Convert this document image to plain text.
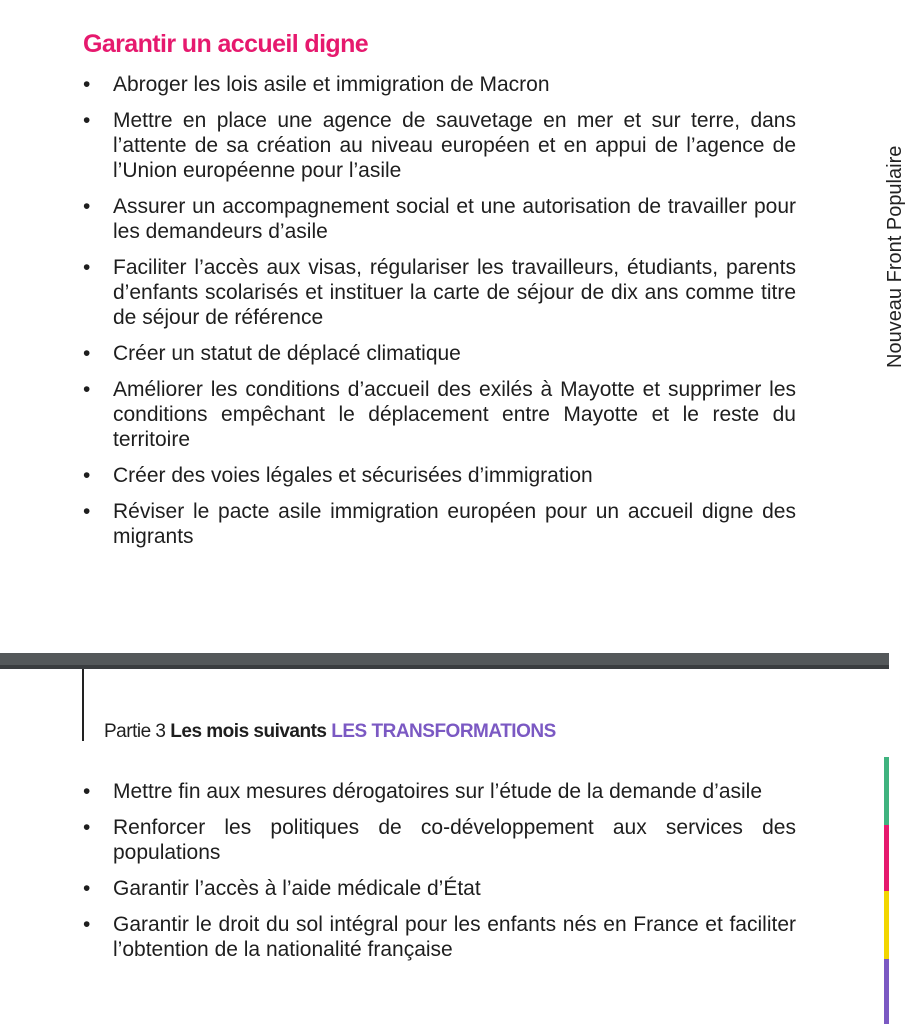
Garantir un accueil digne
• Abroger les lois asile et immigration de Macron
• Mettre en place une agence de sauvetage en mer et sur terre, dans l’attente de sa création au niveau européen et en appui de l’agence de l’Union européenne pour l’asile
• Assurer un accompagnement social et une autorisation de travailler pour les demandeurs d’asile
• Faciliter l’accès aux visas, régulariser les travailleurs, étudiants, parents d’enfants scolarisés et instituer la carte de séjour de dix ans comme titre de séjour de référence
• Créer un statut de déplacé climatique
• Améliorer les conditions d’accueil des exilés à Mayotte et supprimer les conditions empêchant le déplacement entre Mayotte et le reste du territoire
• Créer des voies légales et sécurisées d’immigration
• Réviser le pacte asile immigration européen pour un accueil digne des migrants
Nouveau Front Populaire
Partie 3 Les mois suivants LES TRANSFORMATIONS
• Mettre fin aux mesures dérogatoires sur l’étude de la demande d’asile
• Renforcer les politiques de co-développement aux services des populations
• Garantir l’accès à l’aide médicale d’État
• Garantir le droit du sol intégral pour les enfants nés en France et faciliter l’obtention de la nationalité française
